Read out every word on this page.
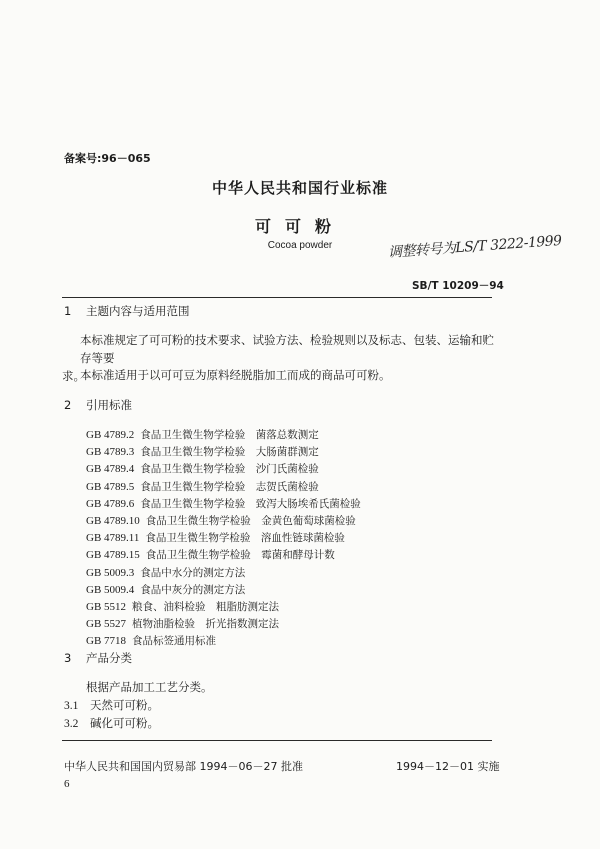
备案号:96－065
中华人民共和国行业标准
可可粉
Cocoa powder	调整转号为LS/T 3222-1999
SB/T 10209－94
1 主题内容与适用范围
本标准规定了可可粉的技术要求、试验方法、检验规则以及标志、包装、运输和贮存等要
求。
本标准适用于以可可豆为原料经脱脂加工而成的商品可可粉。
2 引用标准
GB 4789.2 食品卫生微生物学检验　菌落总数测定
GB 4789.3 食品卫生微生物学检验　大肠菌群测定
GB 4789.4 食品卫生微生物学检验　沙门氏菌检验
GB 4789.5 食品卫生微生物学检验　志贺氏菌检验
GB 4789.6 食品卫生微生物学检验　致泻大肠埃希氏菌检验
GB 4789.10 食品卫生微生物学检验　金黄色葡萄球菌检验
GB 4789.11 食品卫生微生物学检验　溶血性链球菌检验
GB 4789.15 食品卫生微生物学检验　霉菌和酵母计数
GB 5009.3 食品中水分的测定方法
GB 5009.4 食品中灰分的测定方法
GB 5512 粮食、油料检验　粗脂肪测定法
GB 5527 植物油脂检验　折光指数测定法
GB 7718 食品标签通用标准
3 产品分类
根据产品加工工艺分类。
3.1 天然可可粉。
3.2 碱化可可粉。
中华人民共和国国内贸易部 1994－06－27 批准	1994－12－01 实施
6
